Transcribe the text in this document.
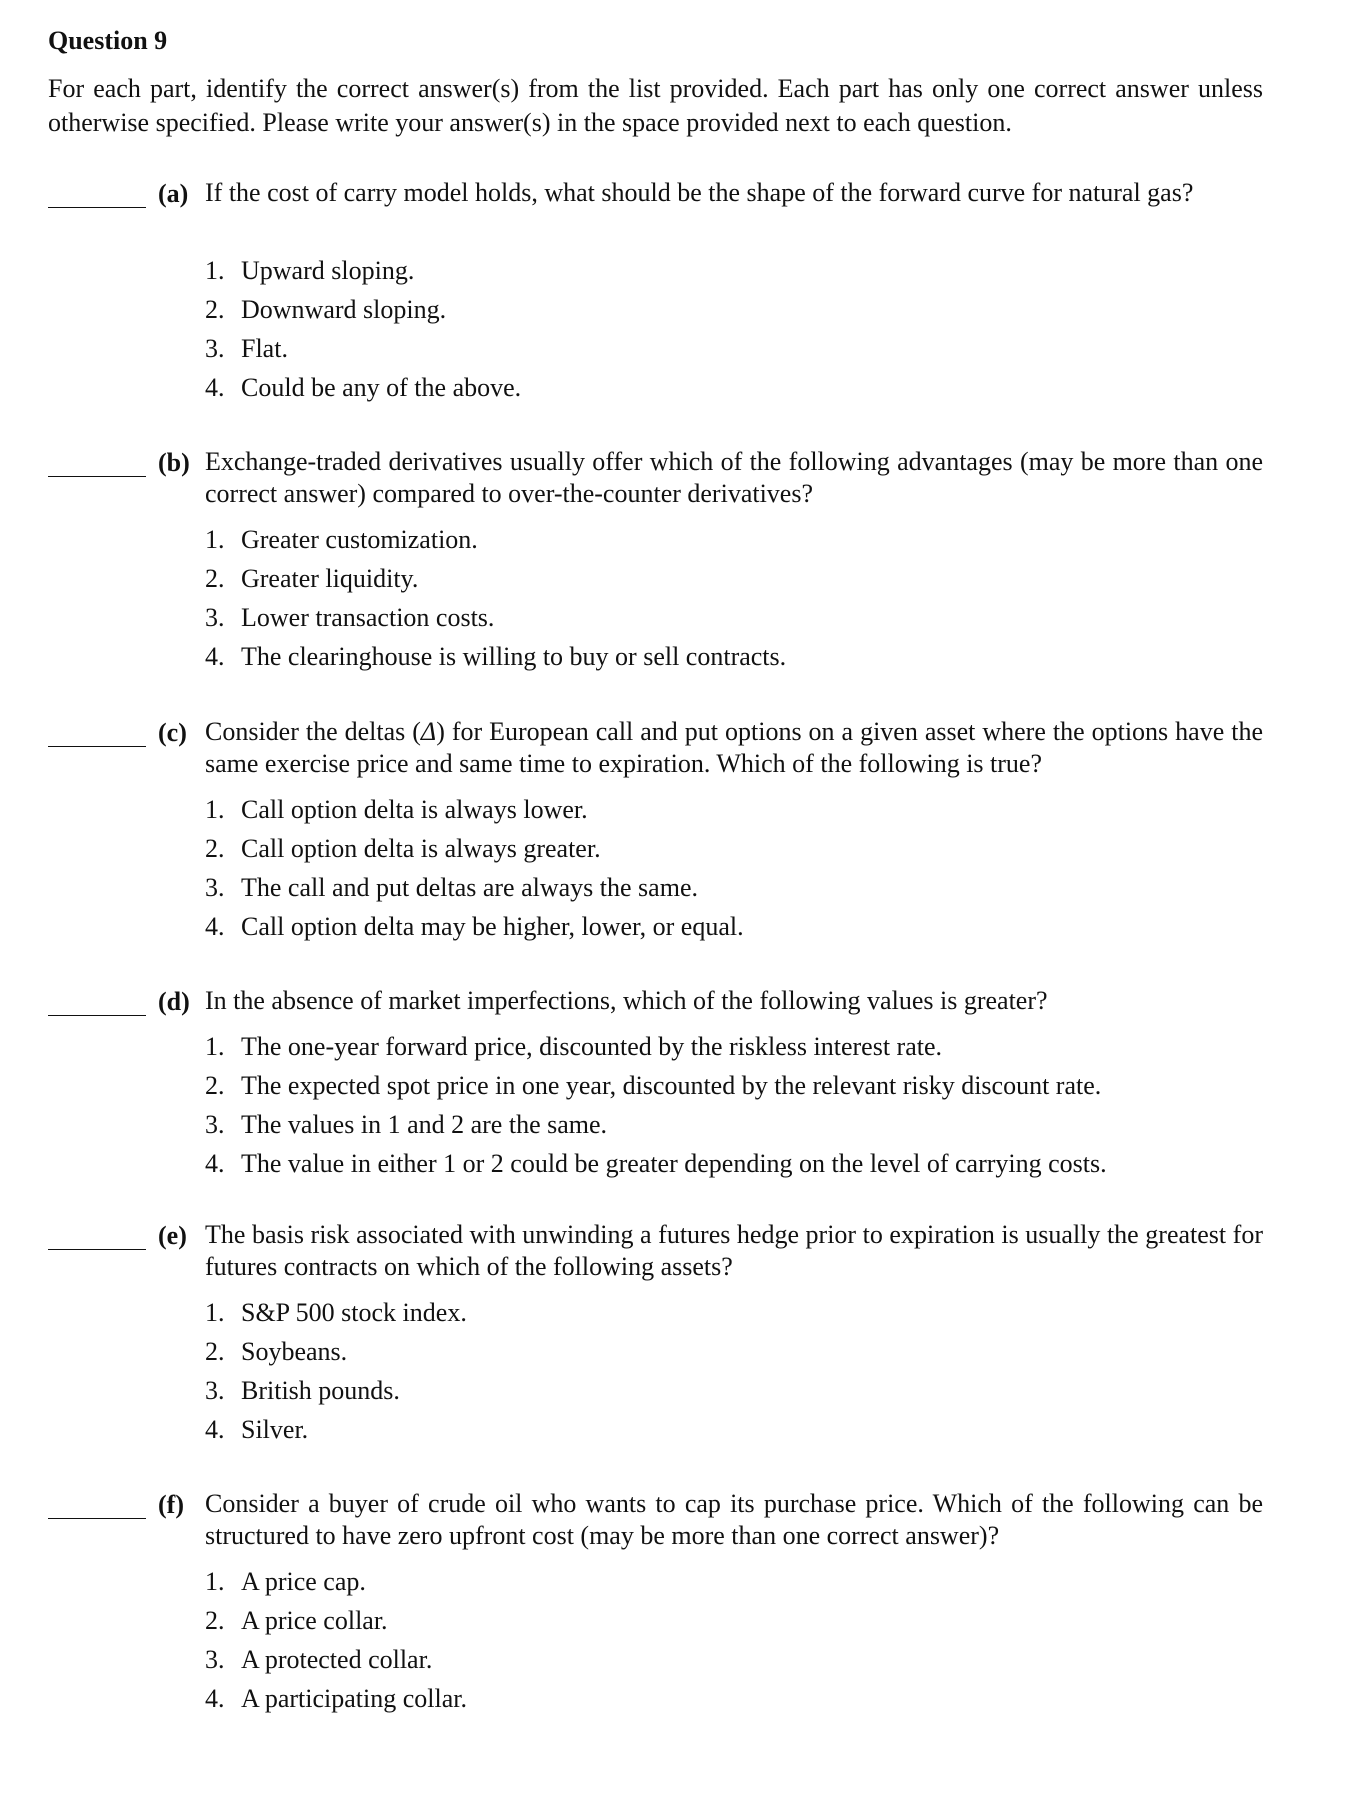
Question 9

For each part, identify the correct answer(s) from the list provided. Each part has only one correct answer unless otherwise specified. Please write your answer(s) in the space provided next to each question.

(a) If the cost of carry model holds, what should be the shape of the forward curve for natural gas?
1. Upward sloping.
2. Downward sloping.
3. Flat.
4. Could be any of the above.
(b) Exchange-traded derivatives usually offer which of the following advantages (may be more than one correct answer) compared to over-the-counter derivatives?
1. Greater customization.
2. Greater liquidity.
3. Lower transaction costs.
4. The clearinghouse is willing to buy or sell contracts.
(c) Consider the deltas (Δ) for European call and put options on a given asset where the options have the same exercise price and same time to expiration. Which of the following is true?
1. Call option delta is always lower.
2. Call option delta is always greater.
3. The call and put deltas are always the same.
4. Call option delta may be higher, lower, or equal.
(d) In the absence of market imperfections, which of the following values is greater?
1. The one-year forward price, discounted by the riskless interest rate.
2. The expected spot price in one year, discounted by the relevant risky discount rate.
3. The values in 1 and 2 are the same.
4. The value in either 1 or 2 could be greater depending on the level of carrying costs.
(e) The basis risk associated with unwinding a futures hedge prior to expiration is usually the greatest for futures contracts on which of the following assets?
1. S&P 500 stock index.
2. Soybeans.
3. British pounds.
4. Silver.
(f) Consider a buyer of crude oil who wants to cap its purchase price. Which of the following can be structured to have zero upfront cost (may be more than one correct answer)?
1. A price cap.
2. A price collar.
3. A protected collar.
4. A participating collar.
